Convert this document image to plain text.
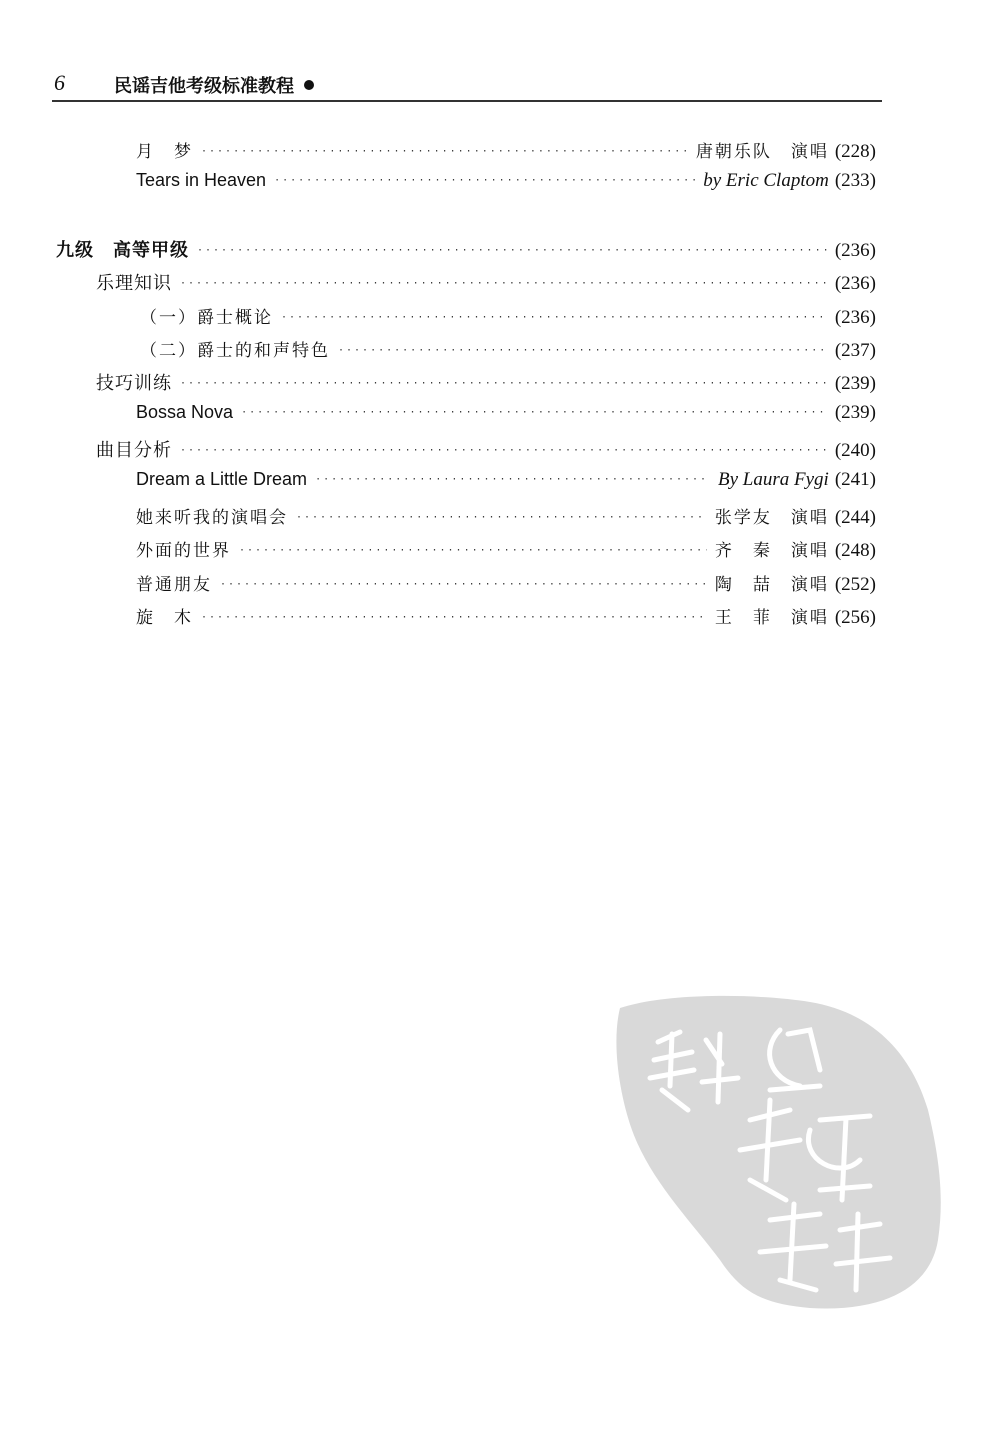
6	民谣吉他考级标准教程
月　梦 ·····	唐朝乐队　演唱 (228)
Tears in Heaven ·····	by Eric Claptom (233)
九级　高等甲级 ·····	(236)
乐理知识 ·····	(236)
（一）爵士概论 ·····	(236)
（二）爵士的和声特色 ·····	(237)
技巧训练 ·····	(239)
Bossa Nova ·····	(239)
曲目分析 ·····	(240)
Dream a Little Dream ·····	By Laura Fygi (241)
她来听我的演唱会 ·····	张学友　演唱 (244)
外面的世界 ·····	齐　秦　演唱 (248)
普通朋友 ·····	陶　喆　演唱 (252)
旋　木 ·····	王　菲　演唱 (256)
